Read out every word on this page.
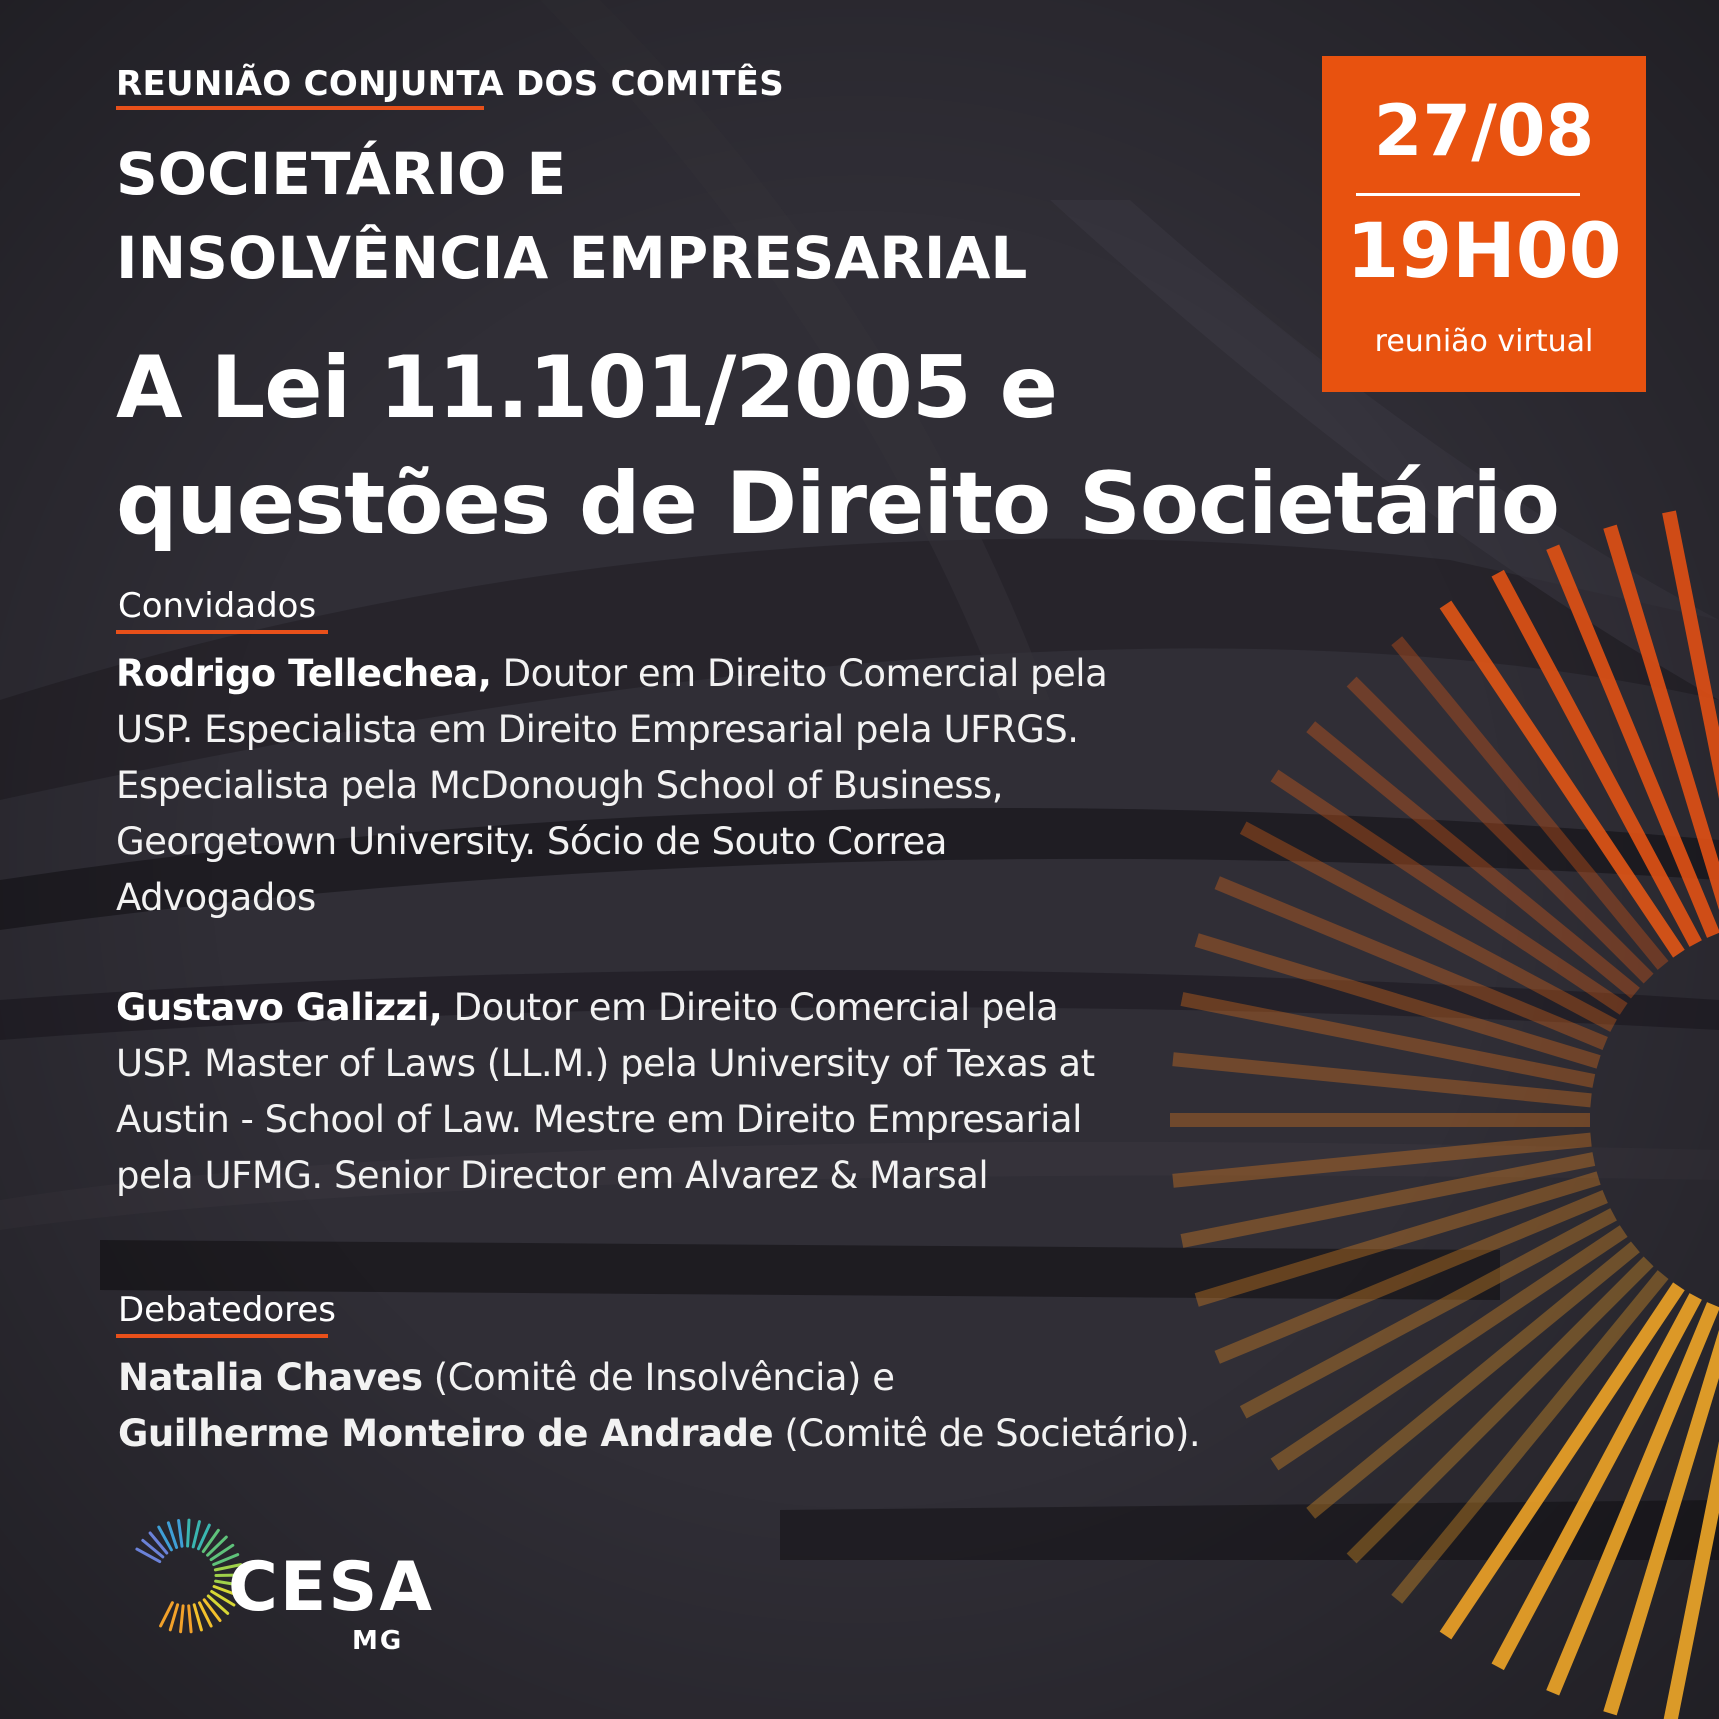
REUNIÃO CONJUNTA DOS COMITÊS
SOCIETÁRIO E
INSOLVÊNCIA EMPRESARIAL
A Lei 11.101/2005 e
questões de Direito Societário
27/08
19H00
reunião virtual
Convidados
Rodrigo Tellechea, Doutor em Direito Comercial pela
USP. Especialista em Direito Empresarial pela UFRGS.
Especialista pela McDonough School of Business,
Georgetown University. Sócio de Souto Correa
Advogados
Gustavo Galizzi, Doutor em Direito Comercial pela
USP. Master of Laws (LL.M.) pela University of Texas at
Austin - School of Law. Mestre em Direito Empresarial
pela UFMG. Senior Director em Alvarez & Marsal
Debatedores
Natalia Chaves (Comitê de Insolvência) e
Guilherme Monteiro de Andrade (Comitê de Societário).
CESA
MG
